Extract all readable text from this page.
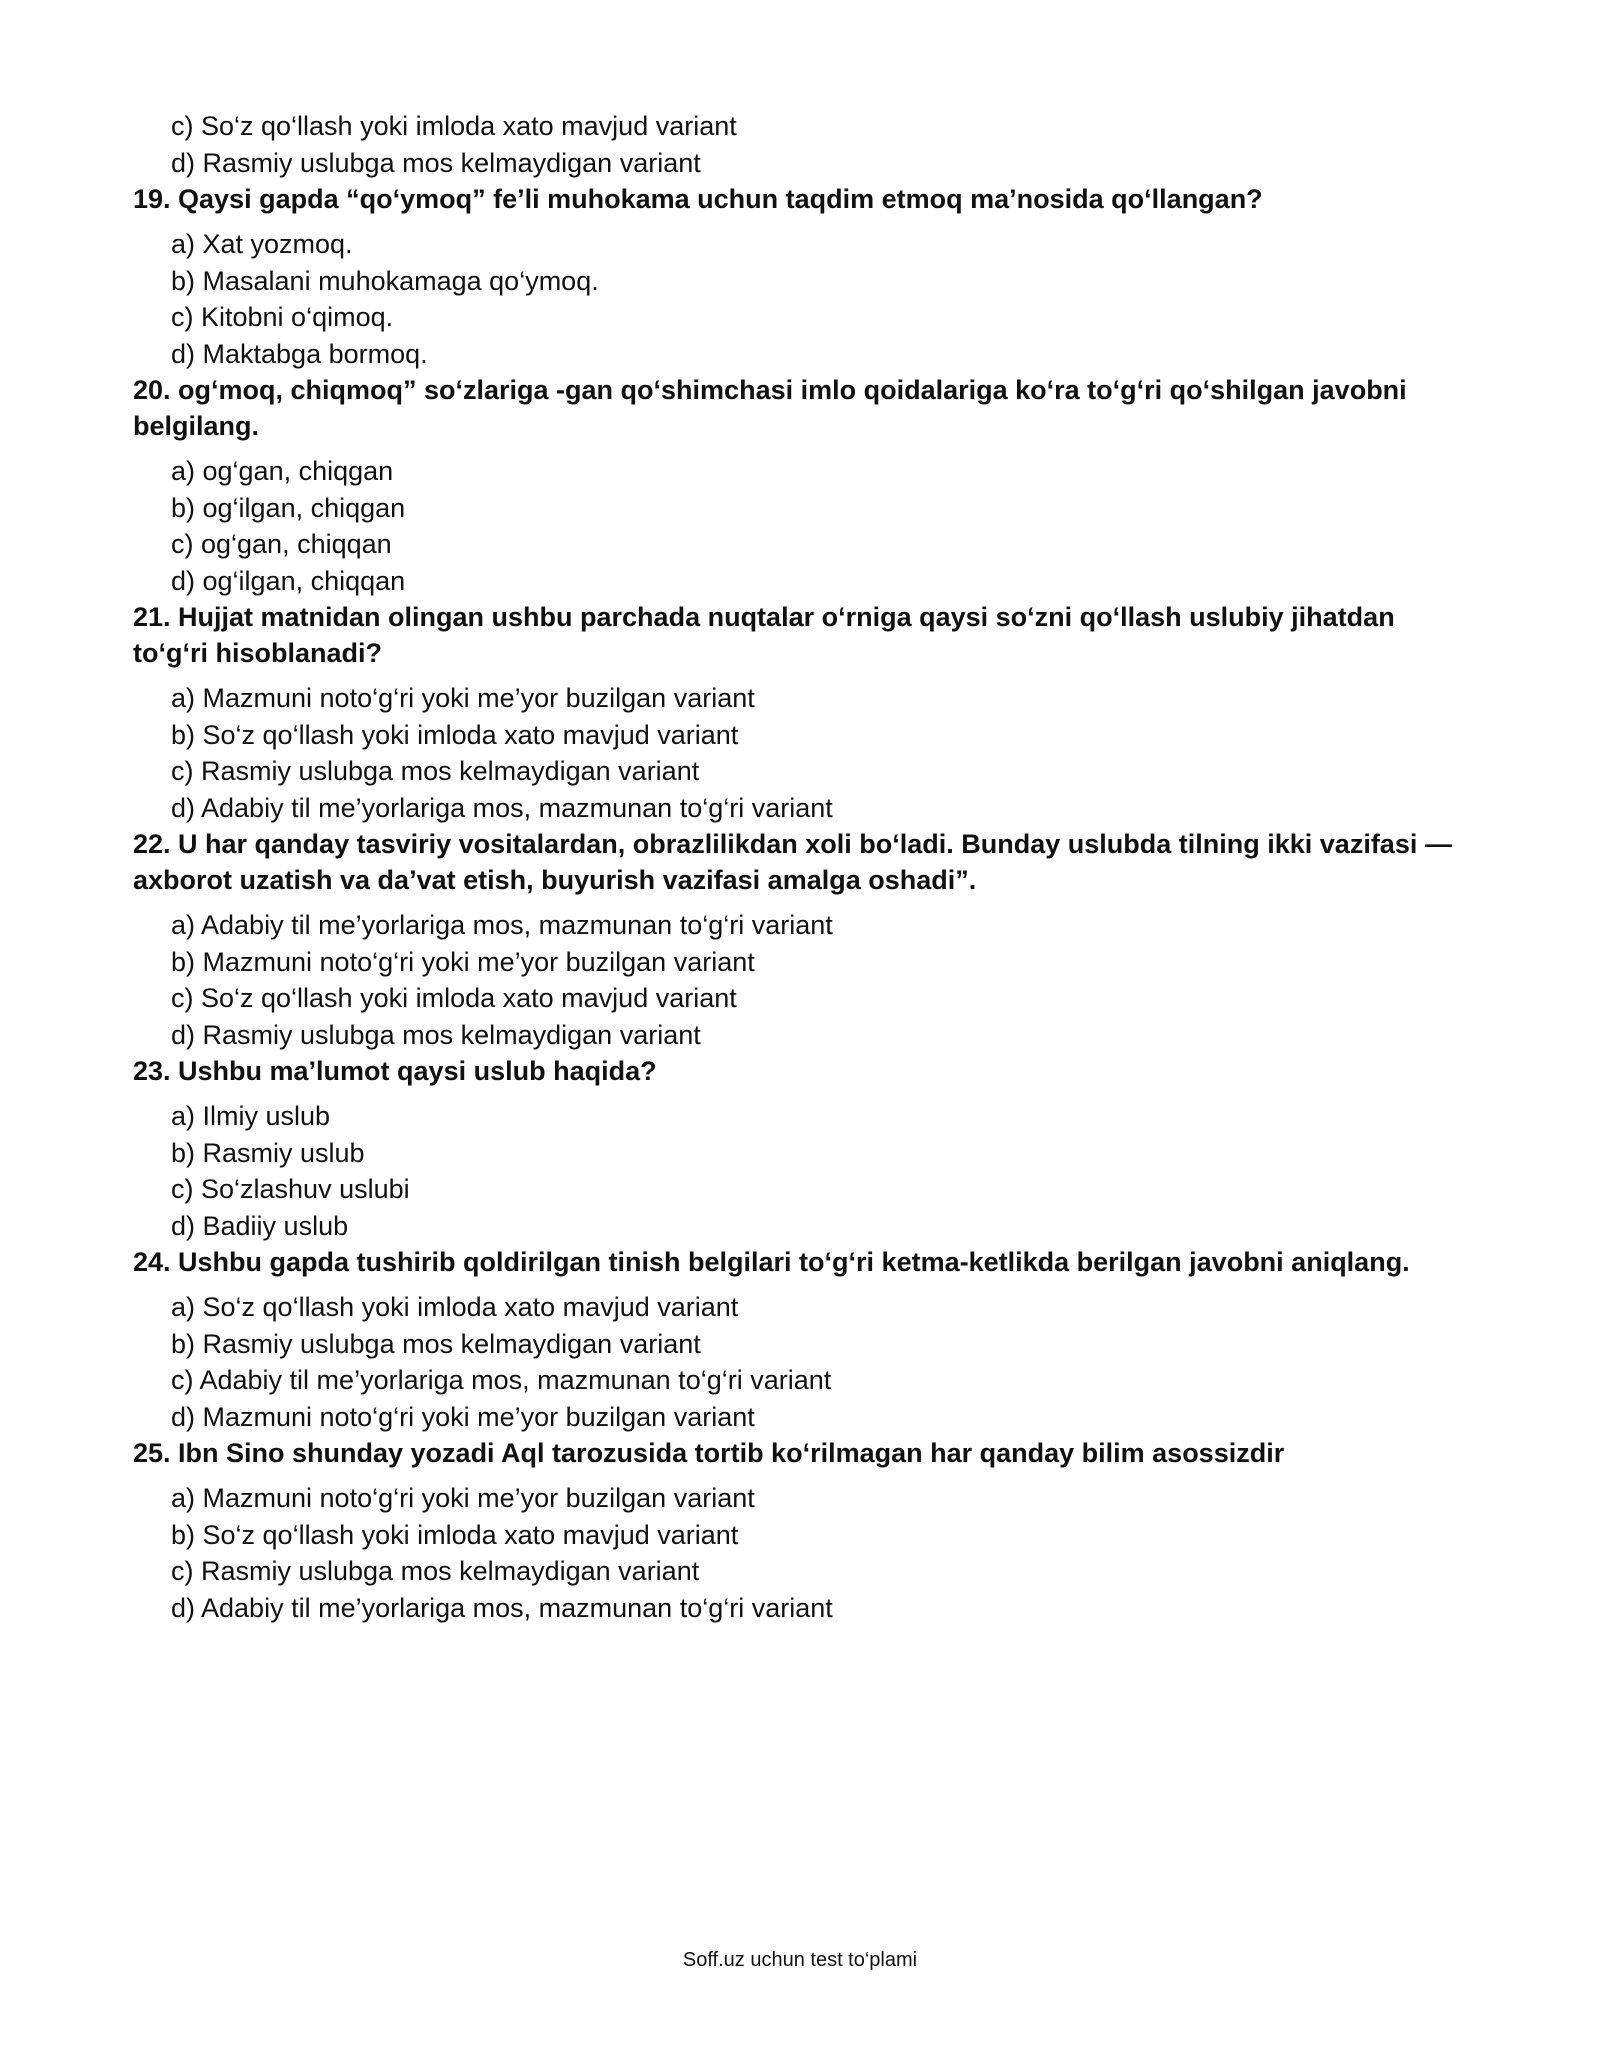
c) So‘z qo‘llash yoki imloda xato mavjud variant
d) Rasmiy uslubga mos kelmaydigan variant
19. Qaysi gapda “qo‘ymoq” fe’li muhokama uchun taqdim etmoq ma’nosida qo‘llangan?
a) Xat yozmoq.
b) Masalani muhokamaga qo‘ymoq.
c) Kitobni o‘qimoq.
d) Maktabga bormoq.
20. og‘moq, chiqmoq” so‘zlariga -gan qo‘shimchasi imlo qoidalariga ko‘ra to‘g‘ri qo‘shilgan javobni belgilang.
a) og‘gan, chiqgan
b) og‘ilgan, chiqgan
c) og‘gan, chiqqan
d) og‘ilgan, chiqqan
21. Hujjat matnidan olingan ushbu parchada nuqtalar o‘rniga qaysi so‘zni qo‘llash uslubiy jihatdan to‘g‘ri hisoblanadi?
a) Mazmuni noto‘g‘ri yoki me’yor buzilgan variant
b) So‘z qo‘llash yoki imloda xato mavjud variant
c) Rasmiy uslubga mos kelmaydigan variant
d) Adabiy til me’yorlariga mos, mazmunan to‘g‘ri variant
22. U har qanday tasviriy vositalardan, obrazlilikdan xoli bo‘ladi. Bunday uslubda tilning ikki vazifasi — axborot uzatish va da’vat etish, buyurish vazifasi amalga oshadi”.
a) Adabiy til me’yorlariga mos, mazmunan to‘g‘ri variant
b) Mazmuni noto‘g‘ri yoki me’yor buzilgan variant
c) So‘z qo‘llash yoki imloda xato mavjud variant
d) Rasmiy uslubga mos kelmaydigan variant
23. Ushbu ma’lumot qaysi uslub haqida?
a) Ilmiy uslub
b) Rasmiy uslub
c) So‘zlashuv uslubi
d) Badiiy uslub
24. Ushbu gapda tushirib qoldirilgan tinish belgilari to‘g‘ri ketma-ketlikda berilgan javobni aniqlang.
a) So‘z qo‘llash yoki imloda xato mavjud variant
b) Rasmiy uslubga mos kelmaydigan variant
c) Adabiy til me’yorlariga mos, mazmunan to‘g‘ri variant
d) Mazmuni noto‘g‘ri yoki me’yor buzilgan variant
25. Ibn Sino shunday yozadi Aql tarozusida tortib ko‘rilmagan har qanday bilim asossizdir
a) Mazmuni noto‘g‘ri yoki me’yor buzilgan variant
b) So‘z qo‘llash yoki imloda xato mavjud variant
c) Rasmiy uslubga mos kelmaydigan variant
d) Adabiy til me’yorlariga mos, mazmunan to‘g‘ri variant
Soff.uz uchun test to‘plami
